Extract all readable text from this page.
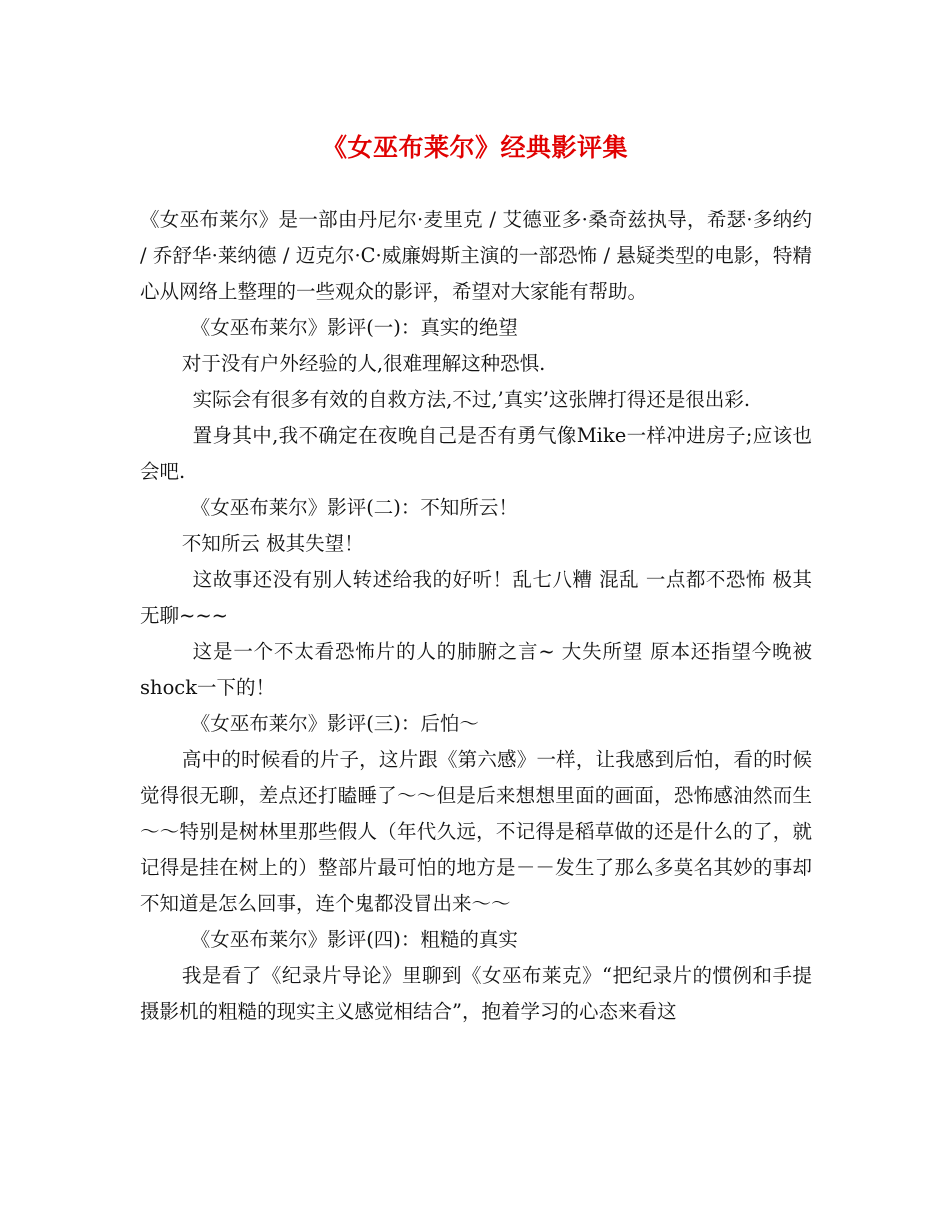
《女巫布莱尔》经典影评集

《女巫布莱尔》是一部由丹尼尔·麦里克 / 艾德亚多·桑奇兹执导，希瑟·多纳约 / 乔舒华·莱纳德 / 迈克尔·C·威廉姆斯主演的一部恐怖 / 悬疑类型的电影，特精心从网络上整理的一些观众的影评，希望对大家能有帮助。

《女巫布莱尔》影评(一)：真实的绝望

对于没有户外经验的人,很难理解这种恐惧.

实际会有很多有效的自救方法,不过,’真实’这张牌打得还是很出彩.

置身其中,我不确定在夜晚自己是否有勇气像Mike一样冲进房子;应该也会吧.

《女巫布莱尔》影评(二)：不知所云！

不知所云 极其失望！

这故事还没有别人转述给我的好听！乱七八糟 混乱 一点都不恐怖 极其无聊~~~

这是一个不太看恐怖片的人的肺腑之言~ 大失所望 原本还指望今晚被shock一下的！

《女巫布莱尔》影评(三)：后怕～

高中的时候看的片子，这片跟《第六感》一样，让我感到后怕，看的时候觉得很无聊，差点还打瞌睡了～～但是后来想想里面的画面，恐怖感油然而生～～特别是树林里那些假人（年代久远，不记得是稻草做的还是什么的了，就记得是挂在树上的）整部片最可怕的地方是－－发生了那么多莫名其妙的事却不知道是怎么回事，连个鬼都没冒出来～～

《女巫布莱尔》影评(四)：粗糙的真实

我是看了《纪录片导论》里聊到《女巫布莱克》“把纪录片的惯例和手提摄影机的粗糙的现实主义感觉相结合”，抱着学习的心态来看这
